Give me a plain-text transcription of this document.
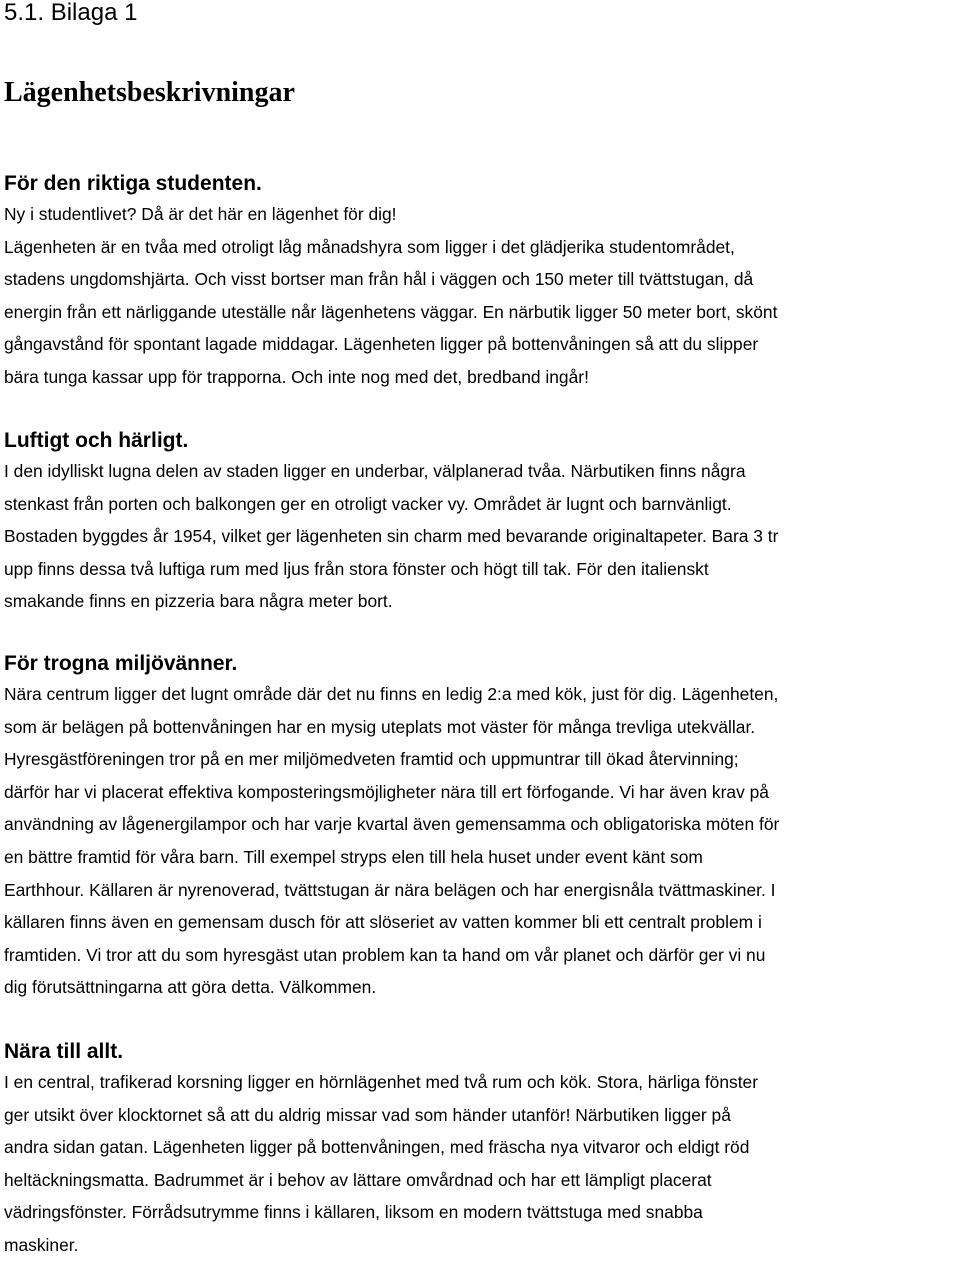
5.1. Bilaga 1
Lägenhetsbeskrivningar
För den riktiga studenten.

Ny i studentlivet? Då är det här en lägenhet för dig!
Lägenheten är en tvåa med otroligt låg månadshyra som ligger i det glädjerika studentområdet,
stadens ungdomshjärta. Och visst bortser man från hål i väggen och 150 meter till tvättstugan, då
energin från ett närliggande uteställe når lägenhetens väggar. En närbutik ligger 50 meter bort, skönt
gångavstånd för spontant lagade middagar. Lägenheten ligger på bottenvåningen så att du slipper
bära tunga kassar upp för trapporna. Och inte nog med det, bredband ingår!

Luftigt och härligt.

I den idylliskt lugna delen av staden ligger en underbar, välplanerad tvåa. Närbutiken finns några
stenkast från porten och balkongen ger en otroligt vacker vy. Området är lugnt och barnvänligt.
Bostaden byggdes år 1954, vilket ger lägenheten sin charm med bevarande originaltapeter. Bara 3 tr
upp finns dessa två luftiga rum med ljus från stora fönster och högt till tak. För den italienskt
smakande finns en pizzeria bara några meter bort.

För trogna miljövänner.

Nära centrum ligger det lugnt område där det nu finns en ledig 2:a med kök, just för dig. Lägenheten,
som är belägen på bottenvåningen har en mysig uteplats mot väster för många trevliga utekvällar.
Hyresgästföreningen tror på en mer miljömedveten framtid och uppmuntrar till ökad återvinning;
därför har vi placerat effektiva komposteringsmöjligheter nära till ert förfogande. Vi har även krav på
användning av lågenergilampor och har varje kvartal även gemensamma och obligatoriska möten för
en bättre framtid för våra barn. Till exempel stryps elen till hela huset under event känt som
Earthhour. Källaren är nyrenoverad, tvättstugan är nära belägen och har energisnåla tvättmaskiner. I
källaren finns även en gemensam dusch för att slöseriet av vatten kommer bli ett centralt problem i
framtiden. Vi tror att du som hyresgäst utan problem kan ta hand om vår planet och därför ger vi nu
dig förutsättningarna att göra detta. Välkommen.

Nära till allt.

I en central, trafikerad korsning ligger en hörnlägenhet med två rum och kök. Stora, härliga fönster
ger utsikt över klocktornet så att du aldrig missar vad som händer utanför! Närbutiken ligger på
andra sidan gatan. Lägenheten ligger på bottenvåningen, med fräscha nya vitvaror och eldigt röd
heltäckningsmatta. Badrummet är i behov av lättare omvårdnad och har ett lämpligt placerat
vädringsfönster. Förrådsutrymme finns i källaren, liksom en modern tvättstuga med snabba
maskiner.
